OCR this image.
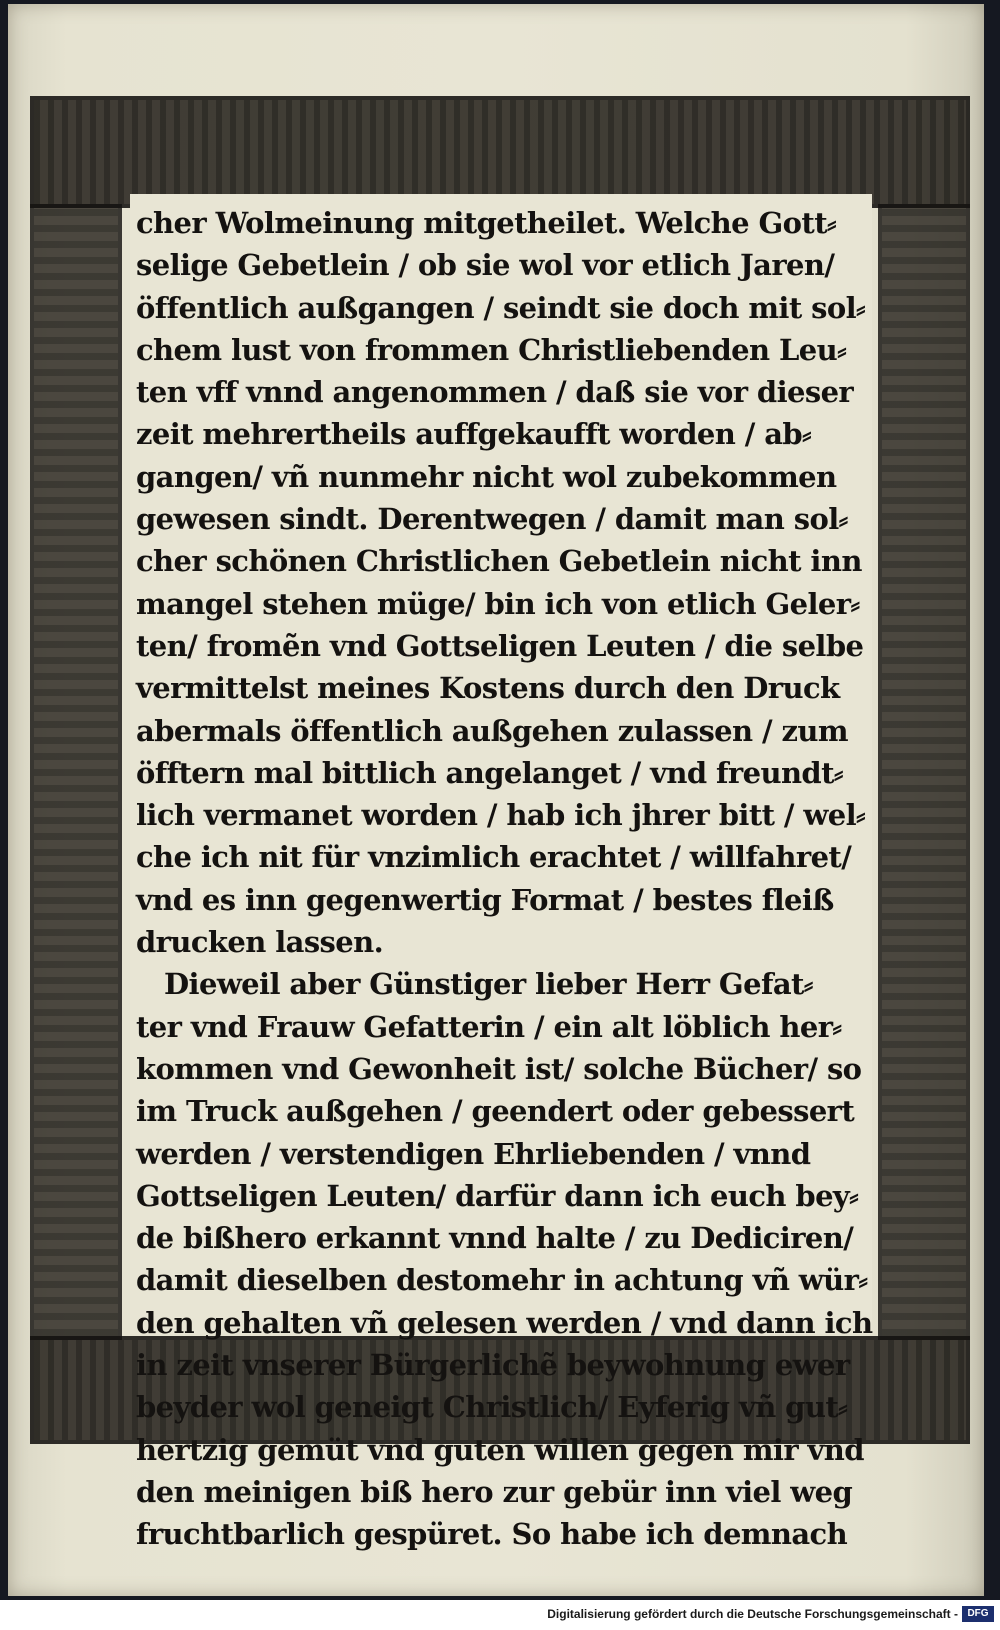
cher Wolmeinung mitgetheilet. Welche Gott⸗
selige Gebetlein / ob sie wol vor etlich Jaren/
öffentlich außgangen / seindt sie doch mit sol⸗
chem lust von frommen Christliebenden Leu⸗
ten vff vnnd angenommen / daß sie vor dieser
zeit mehrertheils auffgekaufft worden / ab⸗
gangen/ vñ nunmehr nicht wol zubekommen
gewesen sindt. Derentwegen / damit man sol⸗
cher schönen Christlichen Gebetlein nicht inn
mangel stehen müge/ bin ich von etlich Geler⸗
ten/ fromẽn vnd Gottseligen Leuten / die selbe
vermittelst meines Kostens durch den Druck
abermals öffentlich außgehen zulassen / zum
öfftern mal bittlich angelanget / vnd freundt⸗
lich vermanet worden / hab ich jhrer bitt / wel⸗
che ich nit für vnzimlich erachtet / willfahret/
vnd es inn gegenwertig Format / bestes fleiß
drucken lassen.
Dieweil aber Günstiger lieber Herr Gefat⸗
ter vnd Frauw Gefatterin / ein alt löblich her⸗
kommen vnd Gewonheit ist/ solche Bücher/ so
im Truck außgehen / geendert oder gebessert
werden / verstendigen Ehrliebenden / vnnd
Gottseligen Leuten/ darfür dann ich euch bey⸗
de bißhero erkannt vnnd halte / zu Dediciren/
damit dieselben destomehr in achtung vñ wür⸗
den gehalten vñ gelesen werden / vnd dann ich
in zeit vnserer Bürgerlichẽ beywohnung ewer
beyder wol geneigt Christlich/ Eyferig vñ gut⸗
hertzig gemüt vnd guten willen gegen mir vnd
den meinigen biß hero zur gebür inn viel weg
fruchtbarlich gespüret. So habe ich demnach
Digitalisierung gefördert durch die Deutsche Forschungsgemeinschaft - DFG
